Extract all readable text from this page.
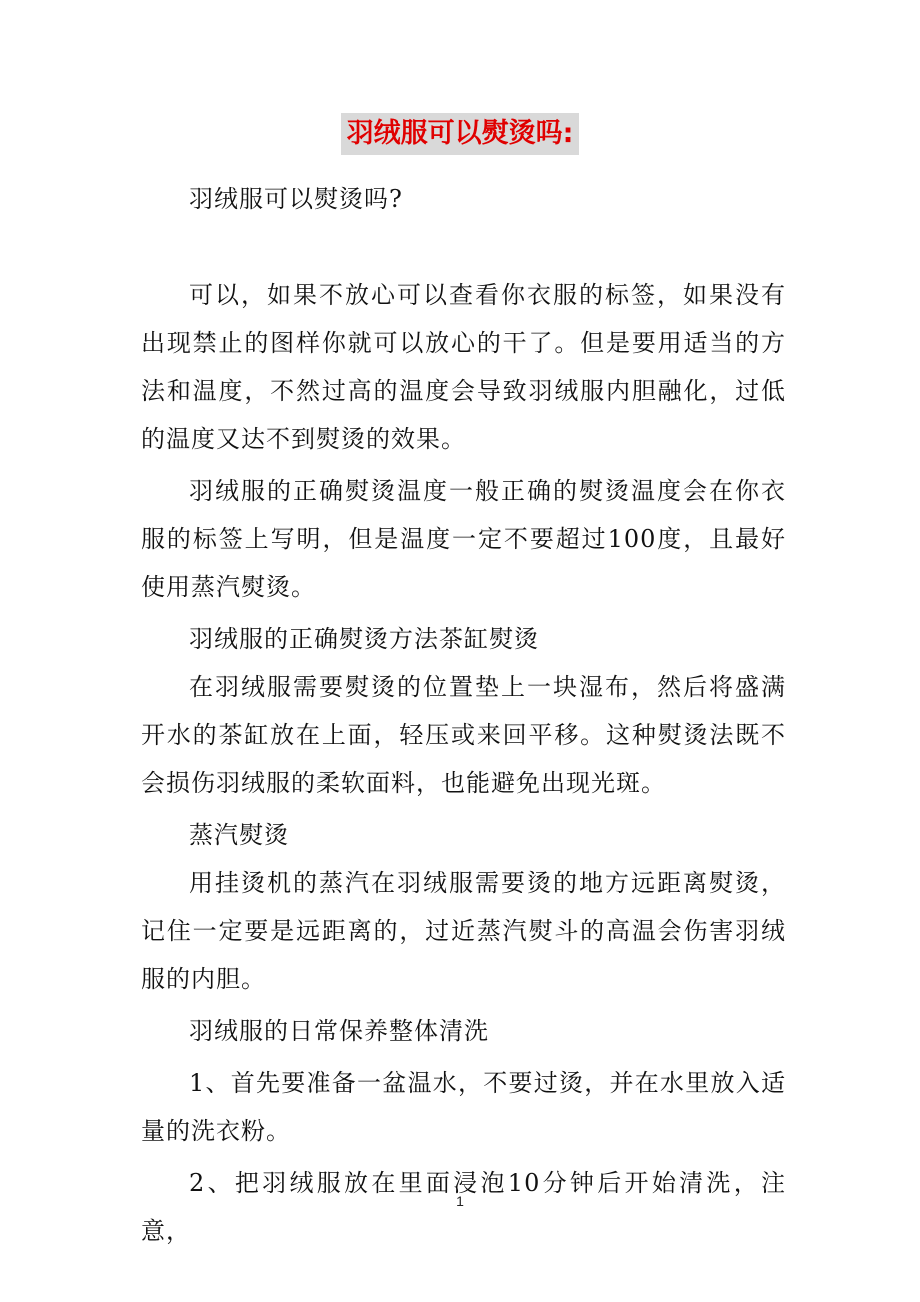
羽绒服可以熨烫吗:

羽绒服可以熨烫吗?

可以，如果不放心可以查看你衣服的标签，如果没有出现禁止的图样你就可以放心的干了。但是要用适当的方法和温度，不然过高的温度会导致羽绒服内胆融化，过低的温度又达不到熨烫的效果。

羽绒服的正确熨烫温度一般正确的熨烫温度会在你衣服的标签上写明，但是温度一定不要超过100度，且最好使用蒸汽熨烫。

羽绒服的正确熨烫方法茶缸熨烫

在羽绒服需要熨烫的位置垫上一块湿布，然后将盛满开水的茶缸放在上面，轻压或来回平移。这种熨烫法既不会损伤羽绒服的柔软面料，也能避免出现光斑。

蒸汽熨烫

用挂烫机的蒸汽在羽绒服需要烫的地方远距离熨烫，记住一定要是远距离的，过近蒸汽熨斗的高温会伤害羽绒服的内胆。

羽绒服的日常保养整体清洗

1、首先要准备一盆温水，不要过烫，并在水里放入适量的洗衣粉。

2、把羽绒服放在里面浸泡10分钟后开始清洗，注意，

1
